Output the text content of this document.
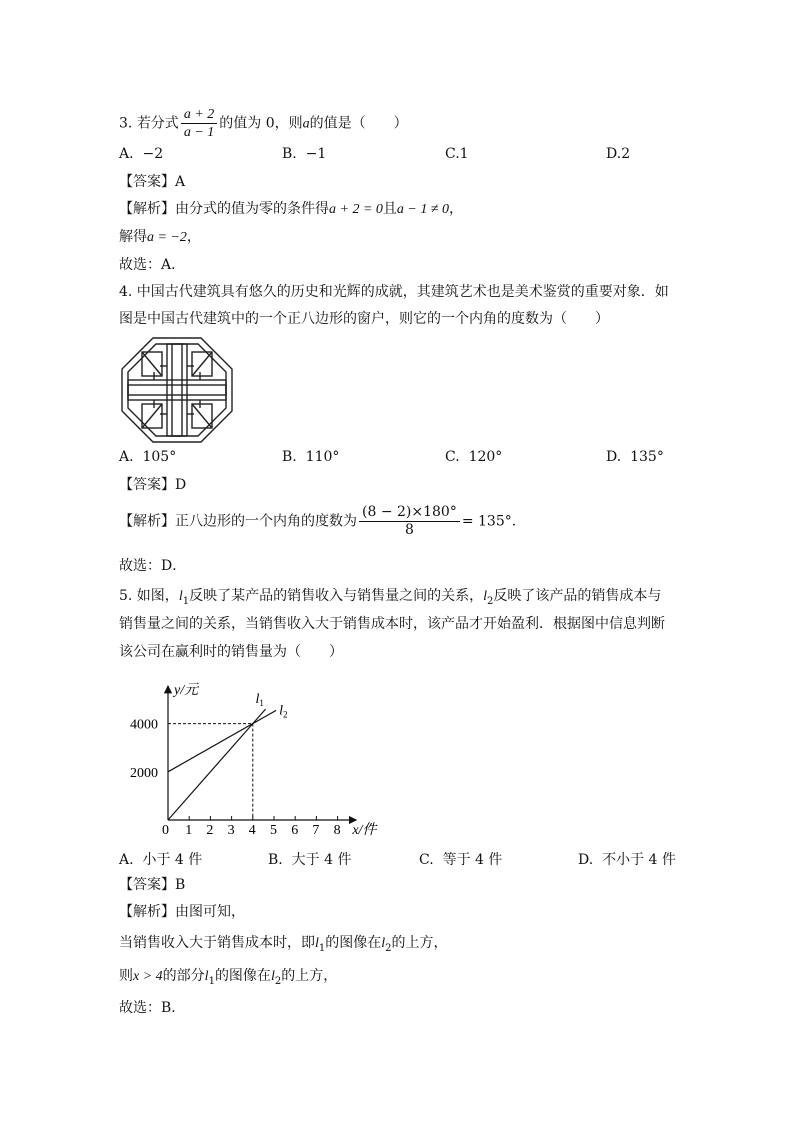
3. 若分式 $\frac{a + 2}{a - 1}$ 的值为 0，则a的值是（　　）
A. −2	B. −1	C.1	D.2
【答案】A
【解析】由分式的值为零的条件得a + 2 = 0且a − 1 ≠ 0，
解得a = −2，
故选：A．
4. 中国古代建筑具有悠久的历史和光辉的成就，其建筑艺术也是美术鉴赏的重要对象．如
图是中国古代建筑中的一个正八边形的窗户，则它的一个内角的度数为（　　）
A. 105°	B. 110°	C. 120°	D. 135°
【答案】D
【解析】正八边形的一个内角的度数为 $\frac{(8 - 2)\times 180^\circ}{8} = 135^\circ$．
故选：D．
5. 如图，$l_1$反映了某产品的销售收入与销售量之间的关系，$l_2$反映了该产品的销售成本与
销售量之间的关系，当销售收入大于销售成本时，该产品才开始盈利．根据图中信息判断
该公司在赢利时的销售量为（　　）
x/件
y/元
0 1 2 3 4 5 6 7 8
2000
4000
$l_1$
$l_2$
A. 小于 4 件	B. 大于 4 件	C. 等于 4 件	D. 不小于 4 件
【答案】B
【解析】由图可知，
当销售收入大于销售成本时，即$l_1$的图像在$l_2$的上方，
则x > 4的部分$l_1$的图像在$l_2$的上方，
故选：B．
